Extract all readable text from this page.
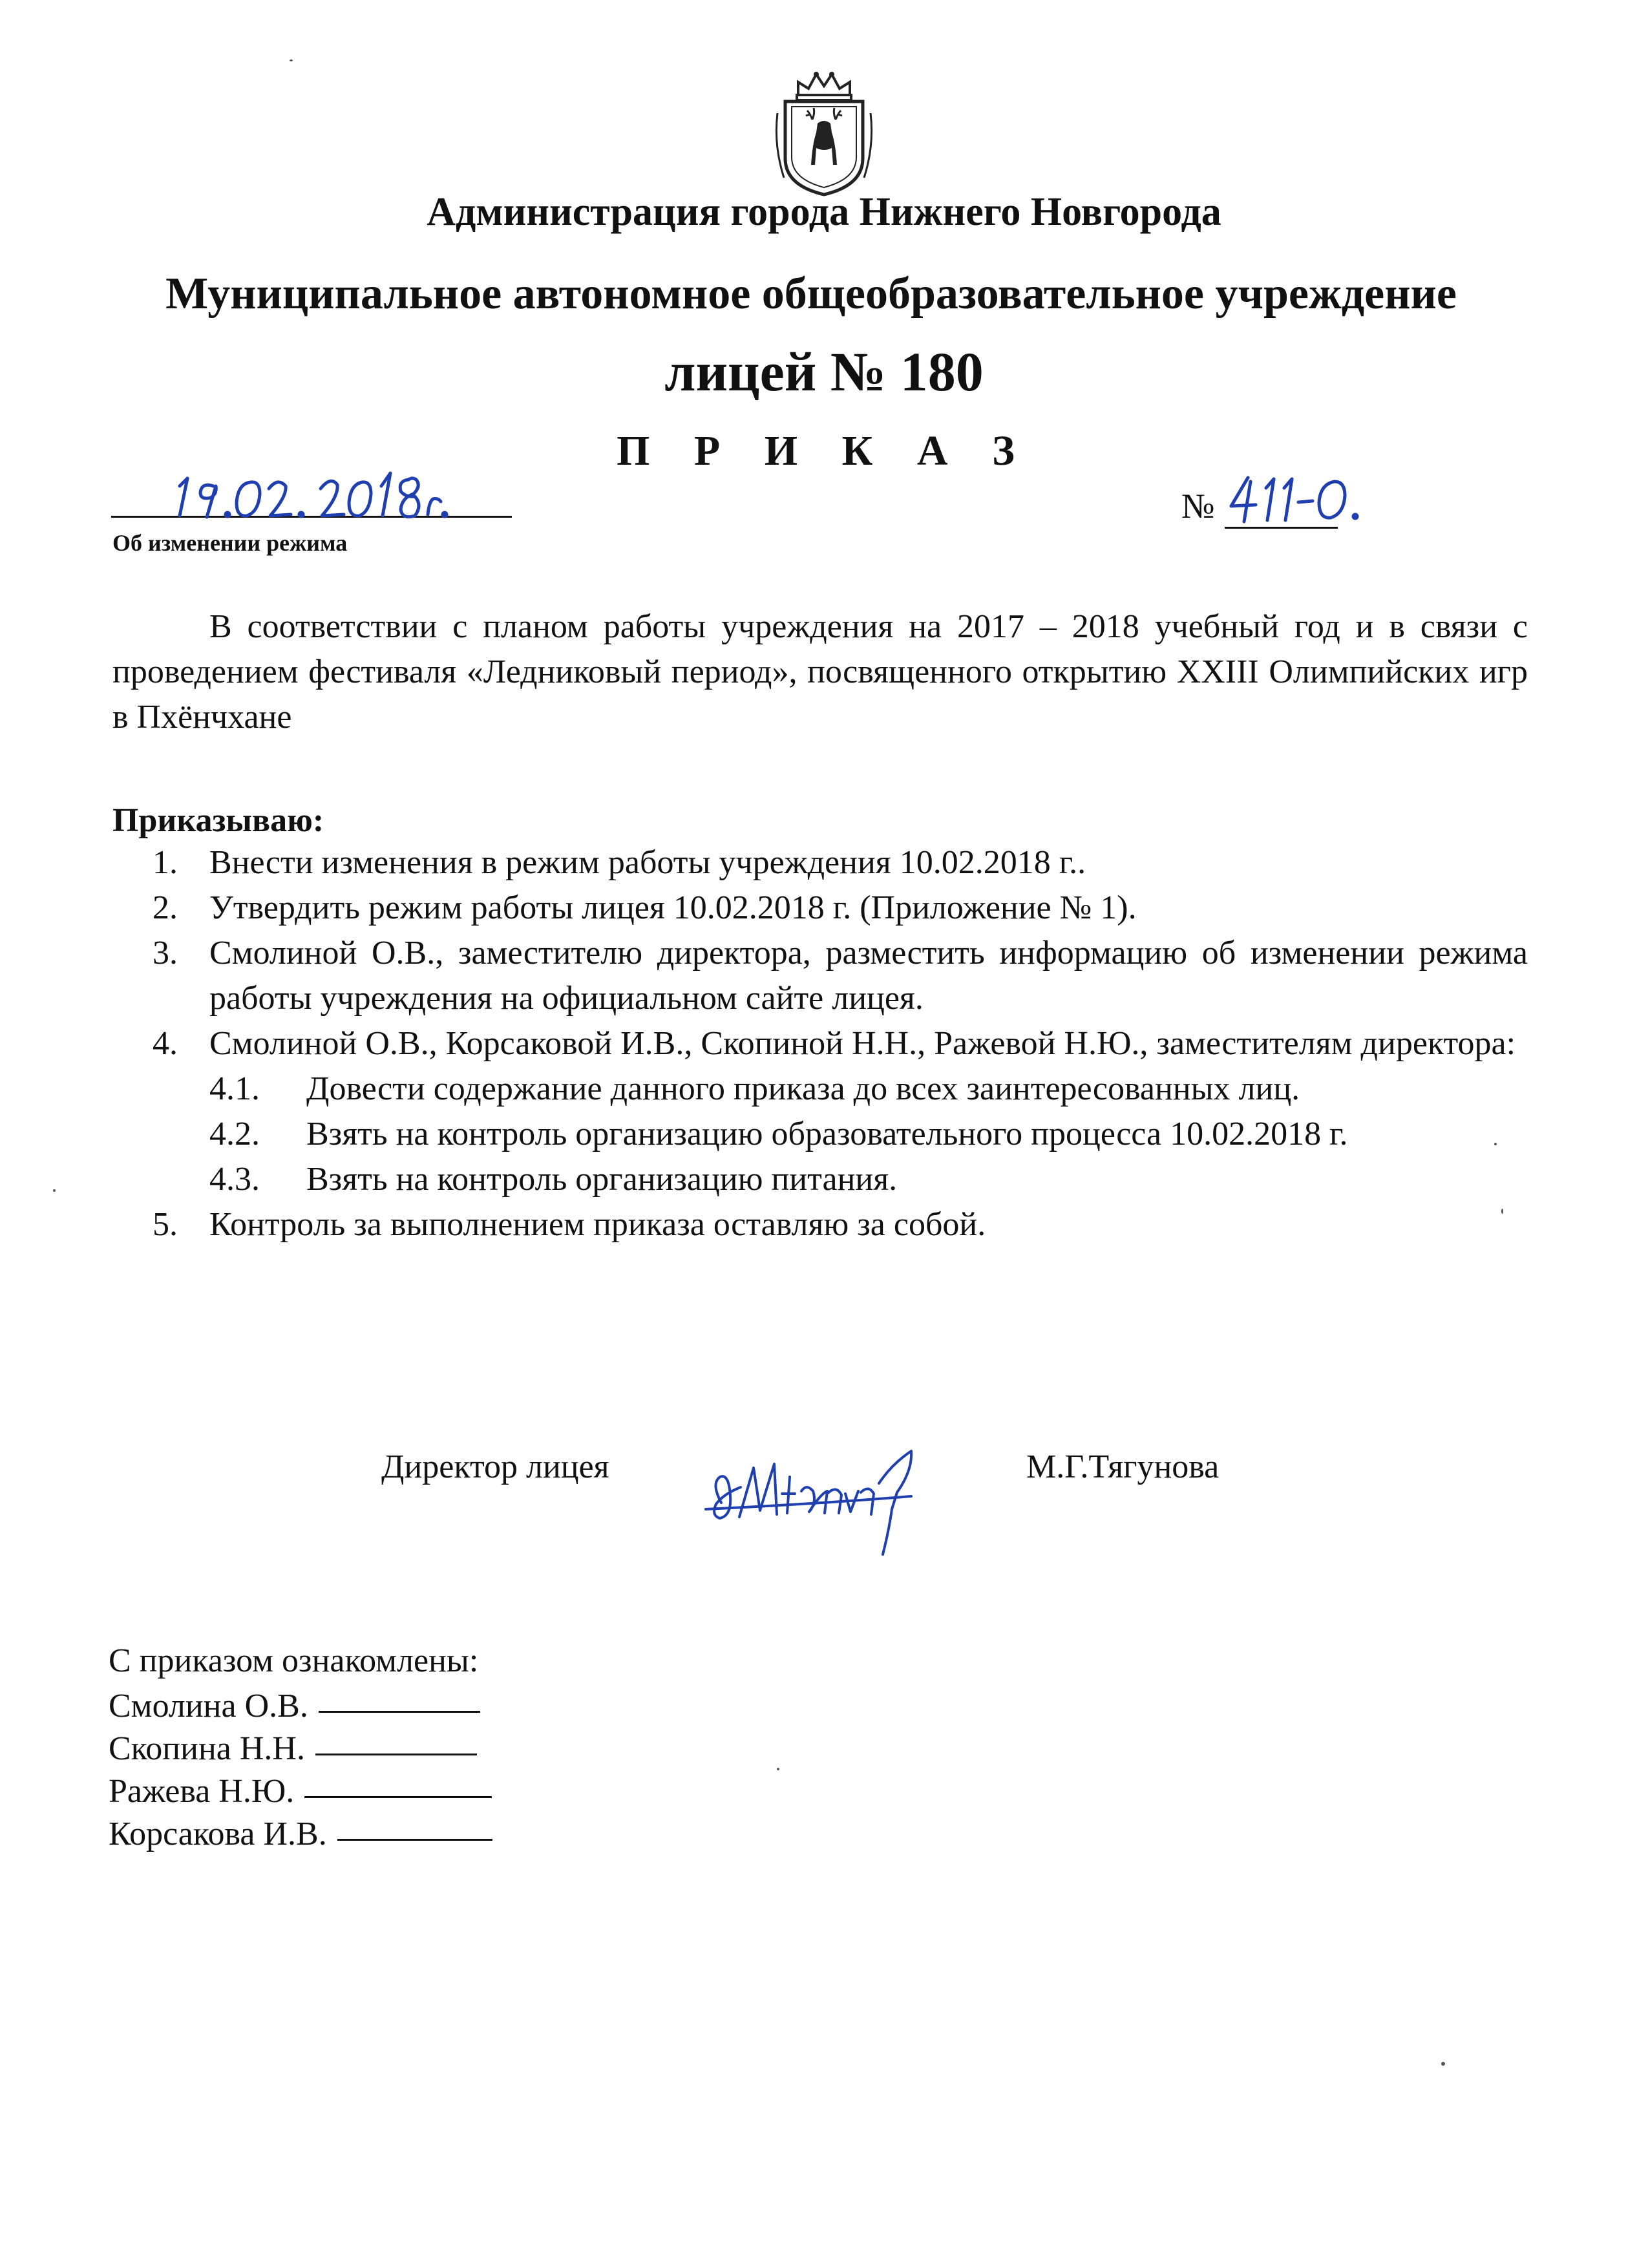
Администрация города Нижнего Новгорода
Муниципальное автономное общеобразовательное учреждение
лицей № 180
П Р И К А З
№
Об изменении режима
В соответствии с планом работы учреждения на 2017 – 2018 учебный год и в связи с проведением фестиваля «Ледниковый период», посвященного открытию XXIII Олимпийских игр в Пхёнчхане
Приказываю:
1. Внести изменения в режим работы учреждения 10.02.2018 г..
2. Утвердить режим работы лицея 10.02.2018 г. (Приложение № 1).
3. Смолиной О.В., заместителю директора, разместить информацию об изменении режима работы учреждения на официальном сайте лицея.
4. Смолиной О.В., Корсаковой И.В., Скопиной Н.Н., Ражевой Н.Ю., заместителям директора:
4.1. Довести содержание данного приказа до всех заинтересованных лиц.
4.2. Взять на контроль организацию образовательного процесса 10.02.2018 г.
4.3. Взять на контроль организацию питания.
5. Контроль за выполнением приказа оставляю за собой.
Директор лицея	М.Г.Тягунова
С приказом ознакомлены:
Смолина О.В.
Скопина Н.Н.
Ражева Н.Ю.
Корсакова И.В.
